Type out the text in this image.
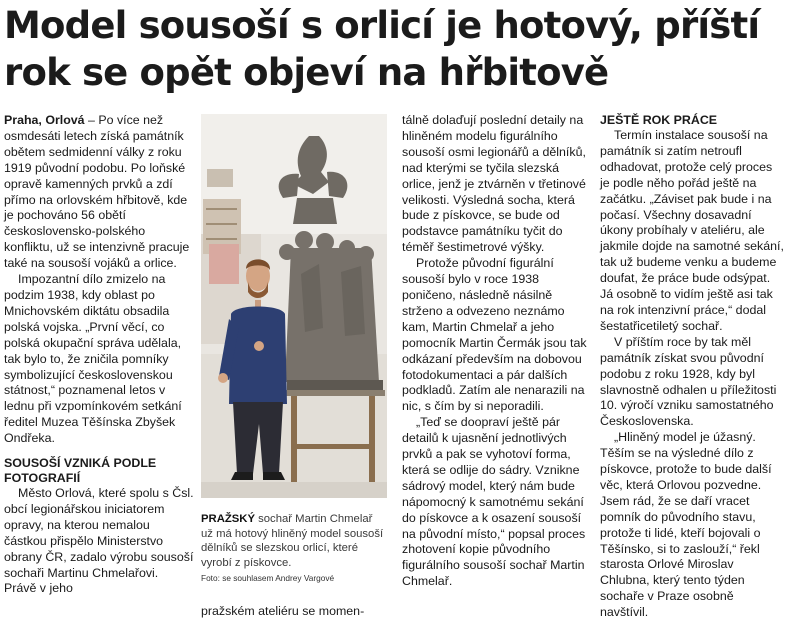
Model sousoší s orlicí je hotový, příští rok se opět objeví na hřbitově

Praha, Orlová – Po více než osmdesáti letech získá památník obětem sedmidenní války z roku 1919 původní podobu. Po loňské opravě kamenných prvků a zdí přímo na orlovském hřbitově, kde je pochováno 56 obětí československo-polského konfliktu, už se intenzivně pracuje také na sousoší vojáků a orlice.

Impozantní dílo zmizelo na podzim 1938, kdy oblast po Mnichovském diktátu obsadila polská vojska. „První věcí, co polská okupační správa udělala, tak bylo to, že zničila pomníky symbolizující československou státnost,“ poznamenal letos v lednu při vzpomínkovém setkání ředitel Muzea Těšínska Zbyšek Ondřeka.

SOUSOŠÍ VZNIKÁ PODLE FOTOGRAFIÍ

Město Orlová, které spolu s Čsl. obcí legionářskou iniciatorem opravy, na kterou nemalou částkou přispělo Ministerstvo obrany ČR, zadalo výrobu sousoší sochaři Martinu Chmelařovi. Právě v jeho

PRAŽSKÝ sochař Martin Chmelař už má hotový hliněný model sousoší dělníků se slezskou orlicí, které vyrobí z pískovce.
Foto: se souhlasem Andrey Vargové
pražském ateliéru se momen-

tálně dolaďují poslední detaily na hliněném modelu figurálního sousoší osmi legionářů a dělníků, nad kterými se tyčila slezská orlice, jenž je ztvárněn v třetinové velikosti. Výsledná socha, která bude z pískovce, se bude od podstavce památníku tyčit do téměř šestimetrové výšky.

Protože původní figurální sousoší bylo v roce 1938 poničeno, následně násilně strženo a odvezeno neznámo kam, Martin Chmelař a jeho pomocník Martin Čermák jsou tak odkázaní především na dobovou fotodokumentaci a pár dalších podkladů. Zatím ale nenarazili na nic, s čím by si neporadili.

„Teď se doopraví ještě pár detailů k ujasnění jednotlivých prvků a pak se vyhotoví forma, která se odlije do sádry. Vznikne sádrový model, který nám bude nápomocný k samotnému sekání do pískovce a k osazení sousoší na původní místo,“ popsal proces zhotovení kopie původního figurálního sousoší sochař Martin Chmelař.

JEŠTĚ ROK PRÁCE

Termín instalace sousoší na památník si zatím netroufl odhadovat, protože celý proces je podle něho pořád ještě na začátku. „Záviset pak bude i na počasí. Všechny dosavadní úkony probíhaly v ateliéru, ale jakmile dojde na samotné sekání, tak už budeme venku a budeme doufat, že práce bude odsýpat. Já osobně to vidím ještě asi tak na rok intenzivní práce,“ dodal šestatřicetiletý sochař.

V příštím roce by tak měl památník získat svou původní podobu z roku 1928, kdy byl slavnostně odhalen u příležitosti 10. výročí vzniku samostatného Československa.

„Hliněný model je úžasný. Těším se na výsledné dílo z pískovce, protože to bude další věc, která Orlovou pozvedne. Jsem rád, že se daří vracet pomník do původního stavu, protože ti lidé, kteří bojovali o Těšínsko, si to zaslouží,“ řekl starosta Orlové Miroslav Chlubna, který tento týden sochaře v Praze osobně navštívil.
